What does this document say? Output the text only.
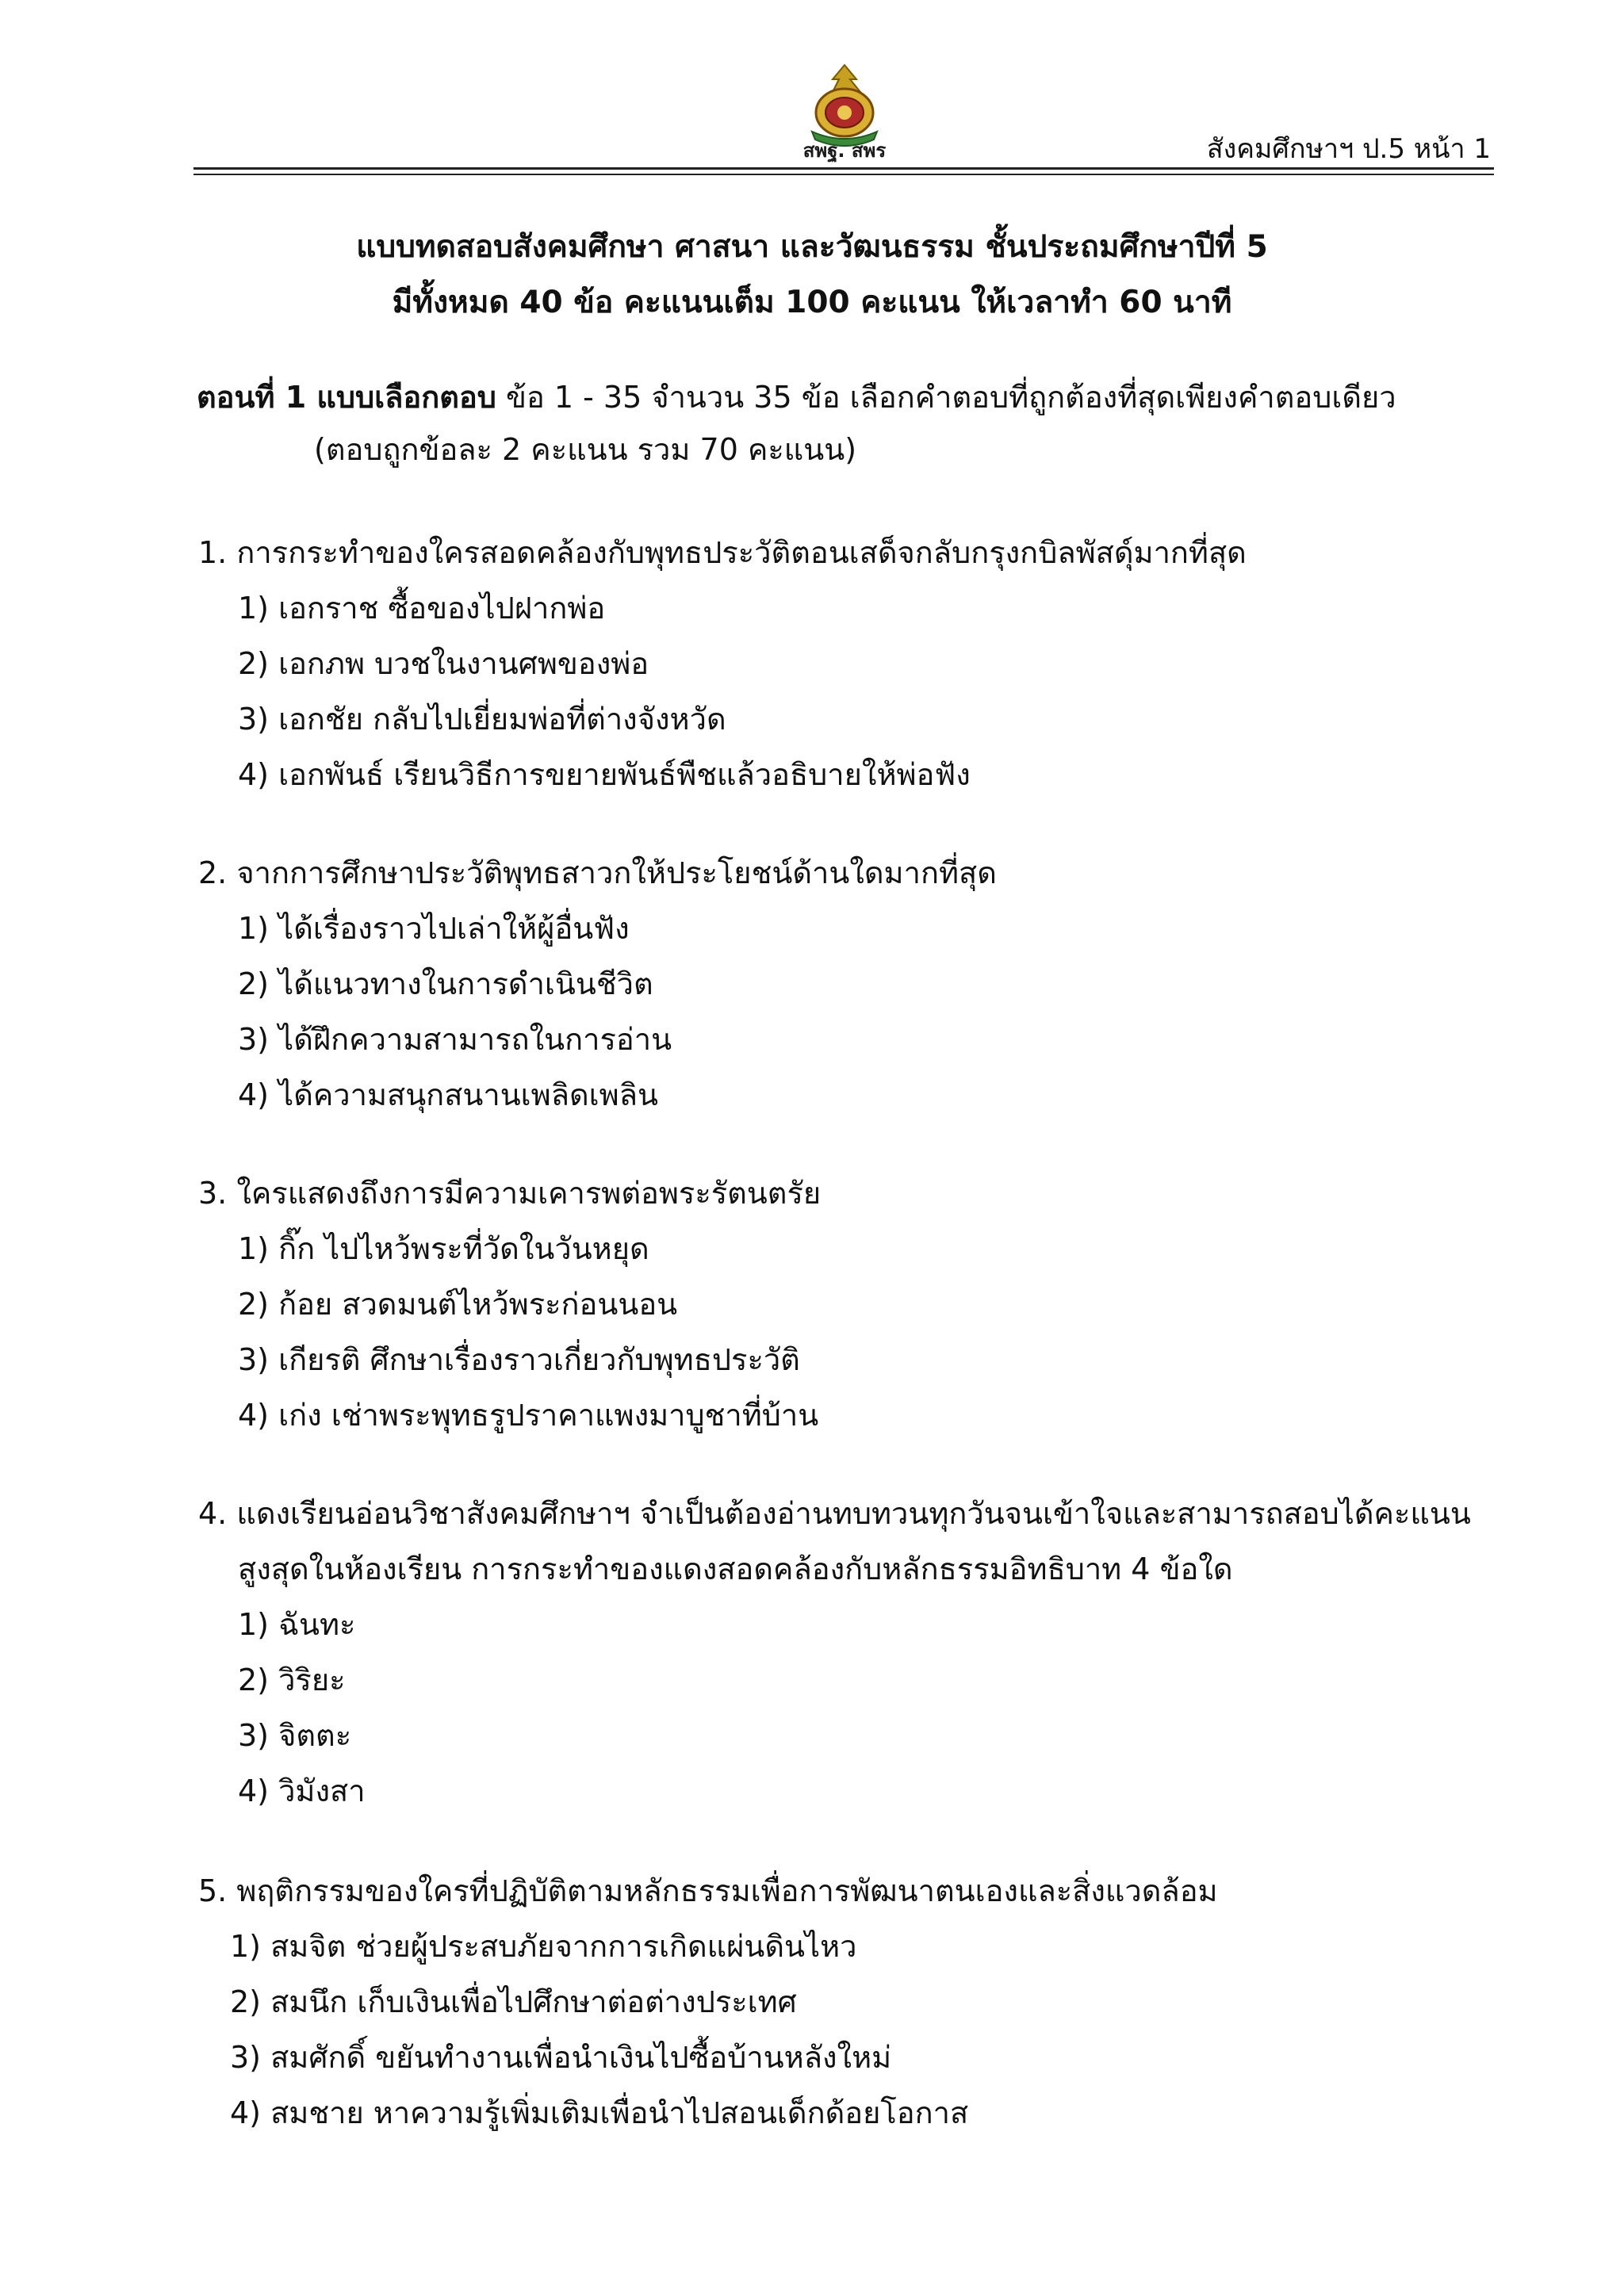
สพฐ. สพร	สังคมศึกษาฯ ป.5 หน้า 1
แบบทดสอบสังคมศึกษา ศาสนา และวัฒนธรรม ชั้นประถมศึกษาปีที่ 5
มีทั้งหมด 40 ข้อ คะแนนเต็ม 100 คะแนน ให้เวลาทำ 60 นาที
ตอนที่ 1 แบบเลือกตอบ ข้อ 1 - 35 จำนวน 35 ข้อ เลือกคำตอบที่ถูกต้องที่สุดเพียงคำตอบเดียว
(ตอบถูกข้อละ 2 คะแนน รวม 70 คะแนน)
1. การกระทำของใครสอดคล้องกับพุทธประวัติตอนเสด็จกลับกรุงกบิลพัสดุ์มากที่สุด
1) เอกราช ซื้อของไปฝากพ่อ
2) เอกภพ บวชในงานศพของพ่อ
3) เอกชัย กลับไปเยี่ยมพ่อที่ต่างจังหวัด
4) เอกพันธ์ เรียนวิธีการขยายพันธ์พืชแล้วอธิบายให้พ่อฟัง
2. จากการศึกษาประวัติพุทธสาวกให้ประโยชน์ด้านใดมากที่สุด
1) ได้เรื่องราวไปเล่าให้ผู้อื่นฟัง
2) ได้แนวทางในการดำเนินชีวิต
3) ได้ฝึกความสามารถในการอ่าน
4) ได้ความสนุกสนานเพลิดเพลิน
3. ใครแสดงถึงการมีความเคารพต่อพระรัตนตรัย
1) กิ๊ก ไปไหว้พระที่วัดในวันหยุด
2) ก้อย สวดมนต์ไหว้พระก่อนนอน
3) เกียรติ ศึกษาเรื่องราวเกี่ยวกับพุทธประวัติ
4) เก่ง เช่าพระพุทธรูปราคาแพงมาบูชาที่บ้าน
4. แดงเรียนอ่อนวิชาสังคมศึกษาฯ จำเป็นต้องอ่านทบทวนทุกวันจนเข้าใจและสามารถสอบได้คะแนน
สูงสุดในห้องเรียน การกระทำของแดงสอดคล้องกับหลักธรรมอิทธิบาท 4 ข้อใด
1) ฉันทะ
2) วิริยะ
3) จิตตะ
4) วิมังสา
5. พฤติกรรมของใครที่ปฏิบัติตามหลักธรรมเพื่อการพัฒนาตนเองและสิ่งแวดล้อม
1) สมจิต ช่วยผู้ประสบภัยจากการเกิดแผ่นดินไหว
2) สมนึก เก็บเงินเพื่อไปศึกษาต่อต่างประเทศ
3) สมศักดิ์ ขยันทำงานเพื่อนำเงินไปซื้อบ้านหลังใหม่
4) สมชาย หาความรู้เพิ่มเติมเพื่อนำไปสอนเด็กด้อยโอกาส
